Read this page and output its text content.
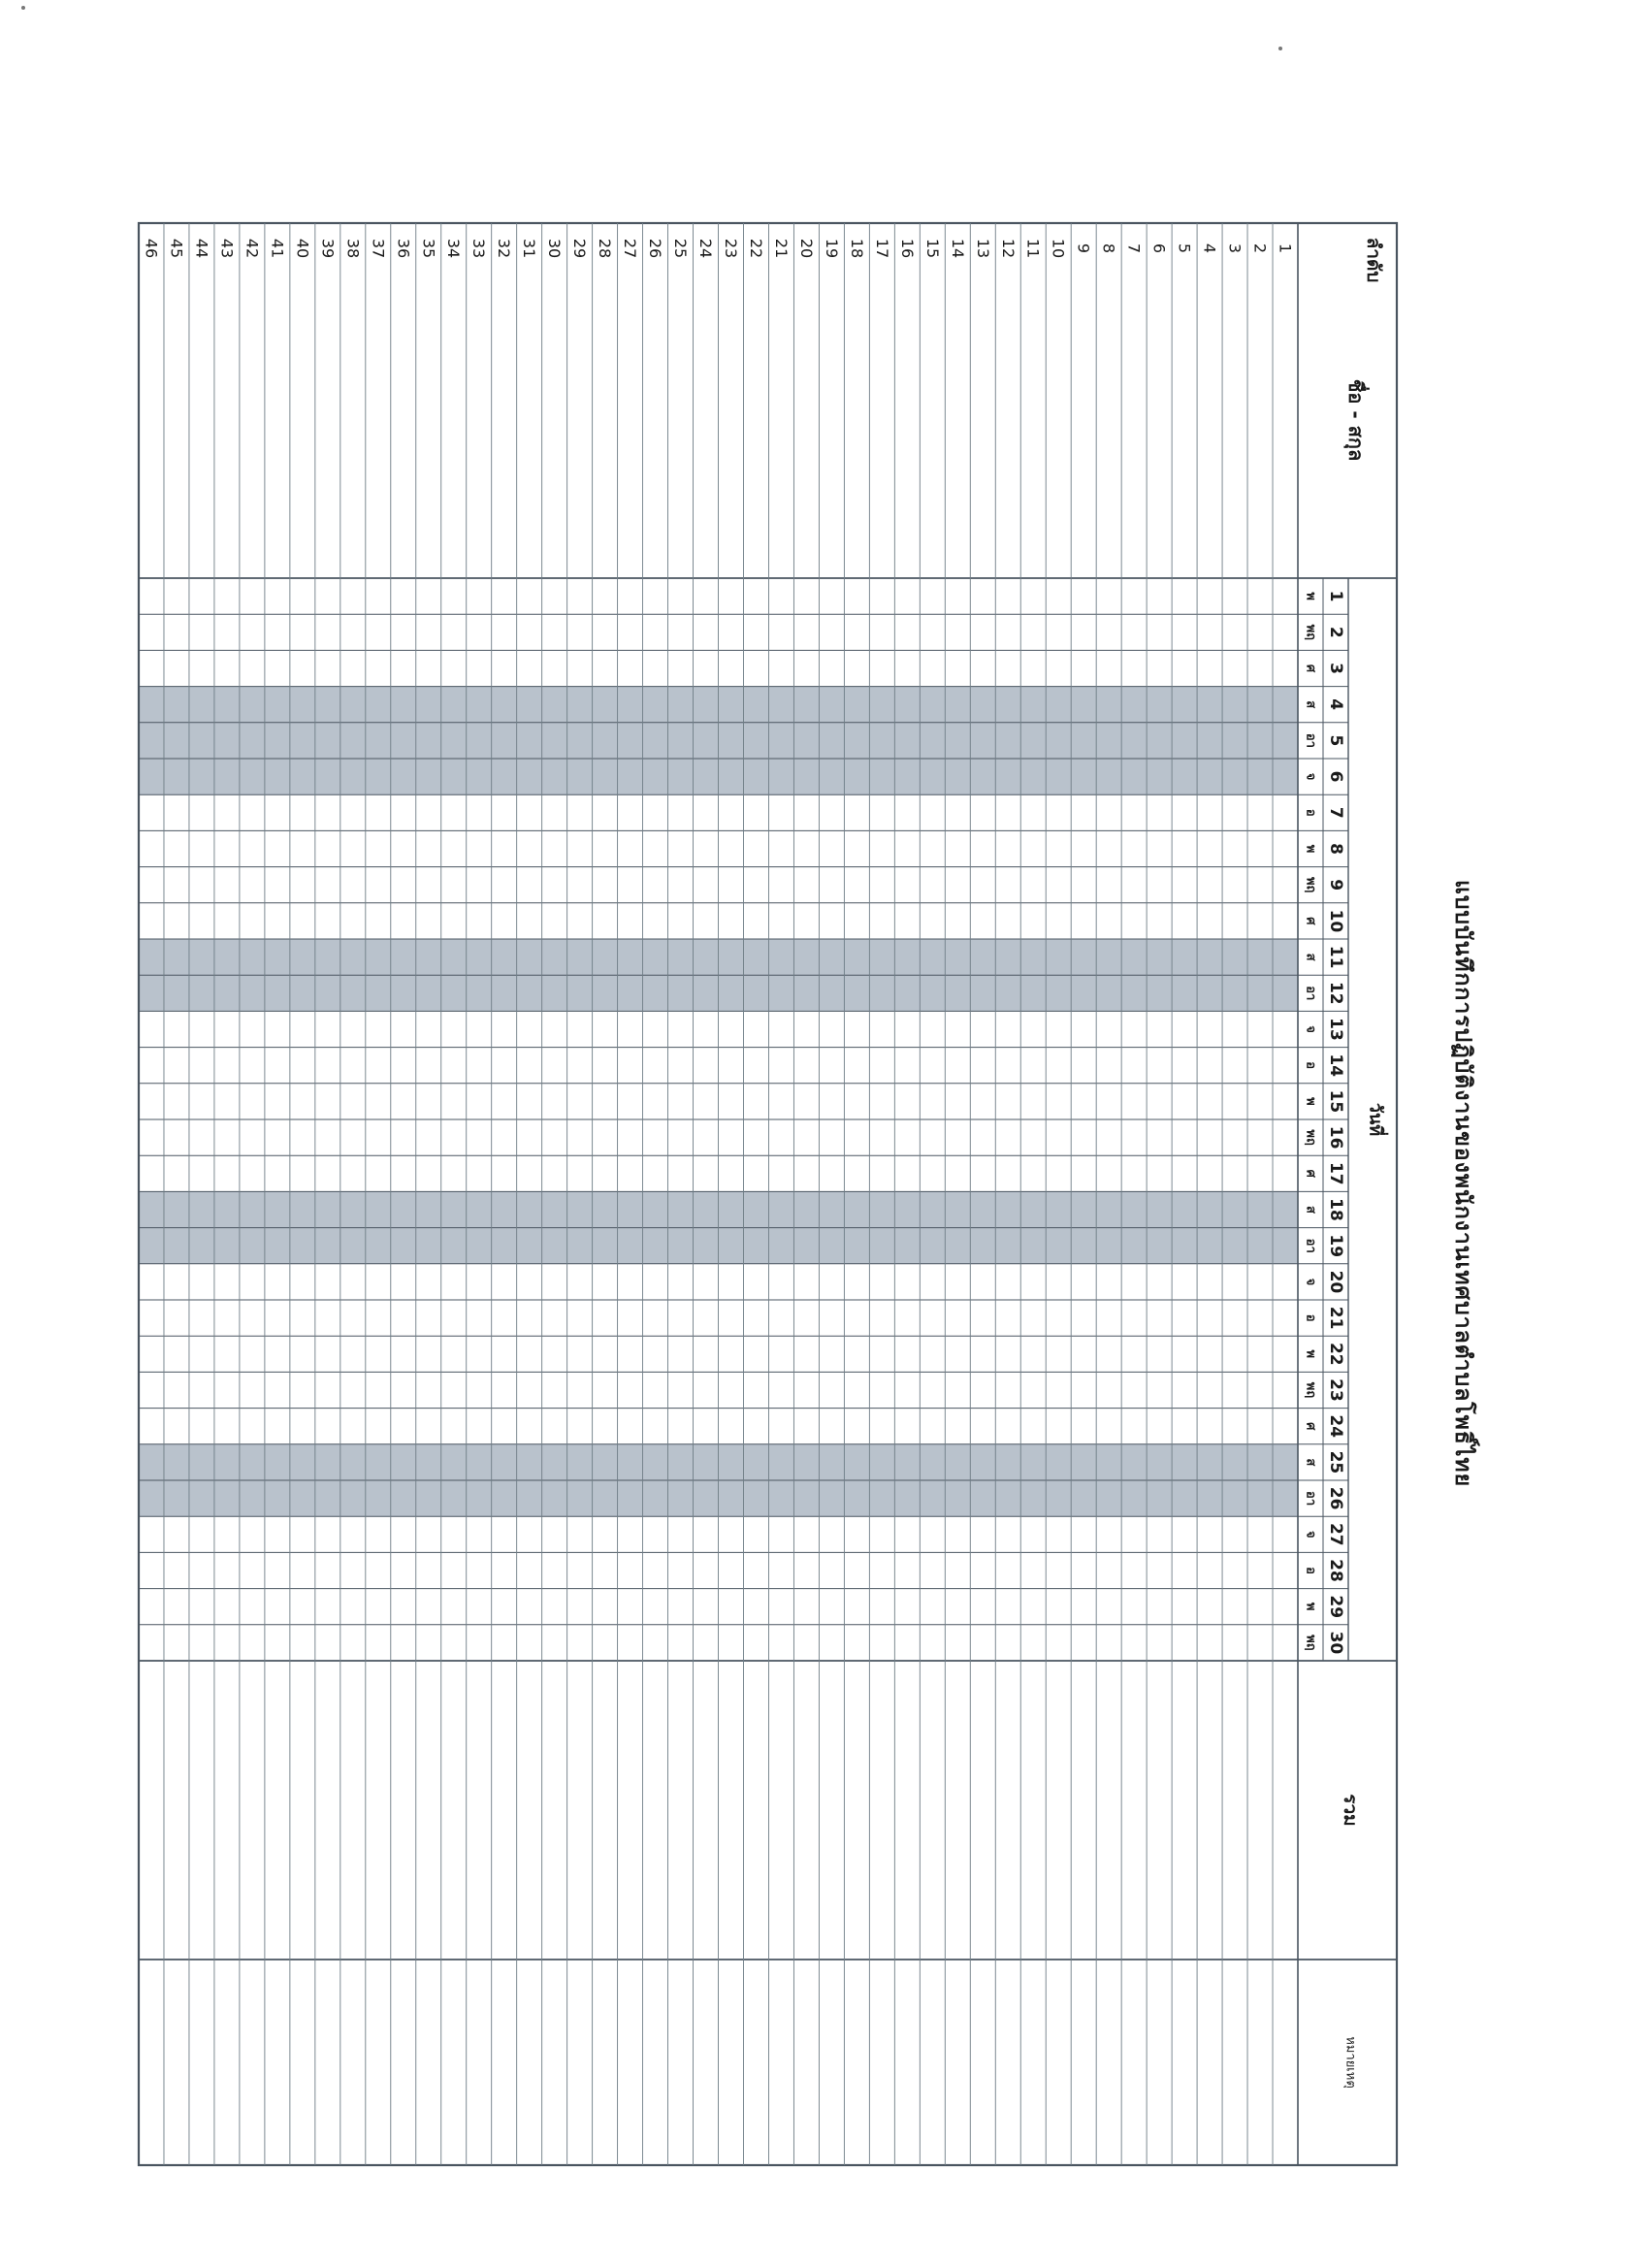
แบบบันทึกการปฏิบัติงานของพนักงานเทศบาลตำบลโพธิ์ไทย
ลำดับ
ชื่อ - สกุล
วันที่
รวม
หมายเหตุ
1
พ
2
พฤ
3
ศ
4
ส
5
อา
6
จ
7
อ
8
พ
9
พฤ
10
ศ
11
ส
12
อา
13
จ
14
อ
15
พ
16
พฤ
17
ศ
18
ส
19
อา
20
จ
21
อ
22
พ
23
พฤ
24
ศ
25
ส
26
อา
27
จ
28
อ
29
พ
30
พฤ
1
2
3
4
5
6
7
8
9
10
11
12
13
14
15
16
17
18
19
20
21
22
23
24
25
26
27
28
29
30
31
32
33
34
35
36
37
38
39
40
41
42
43
44
45
46
